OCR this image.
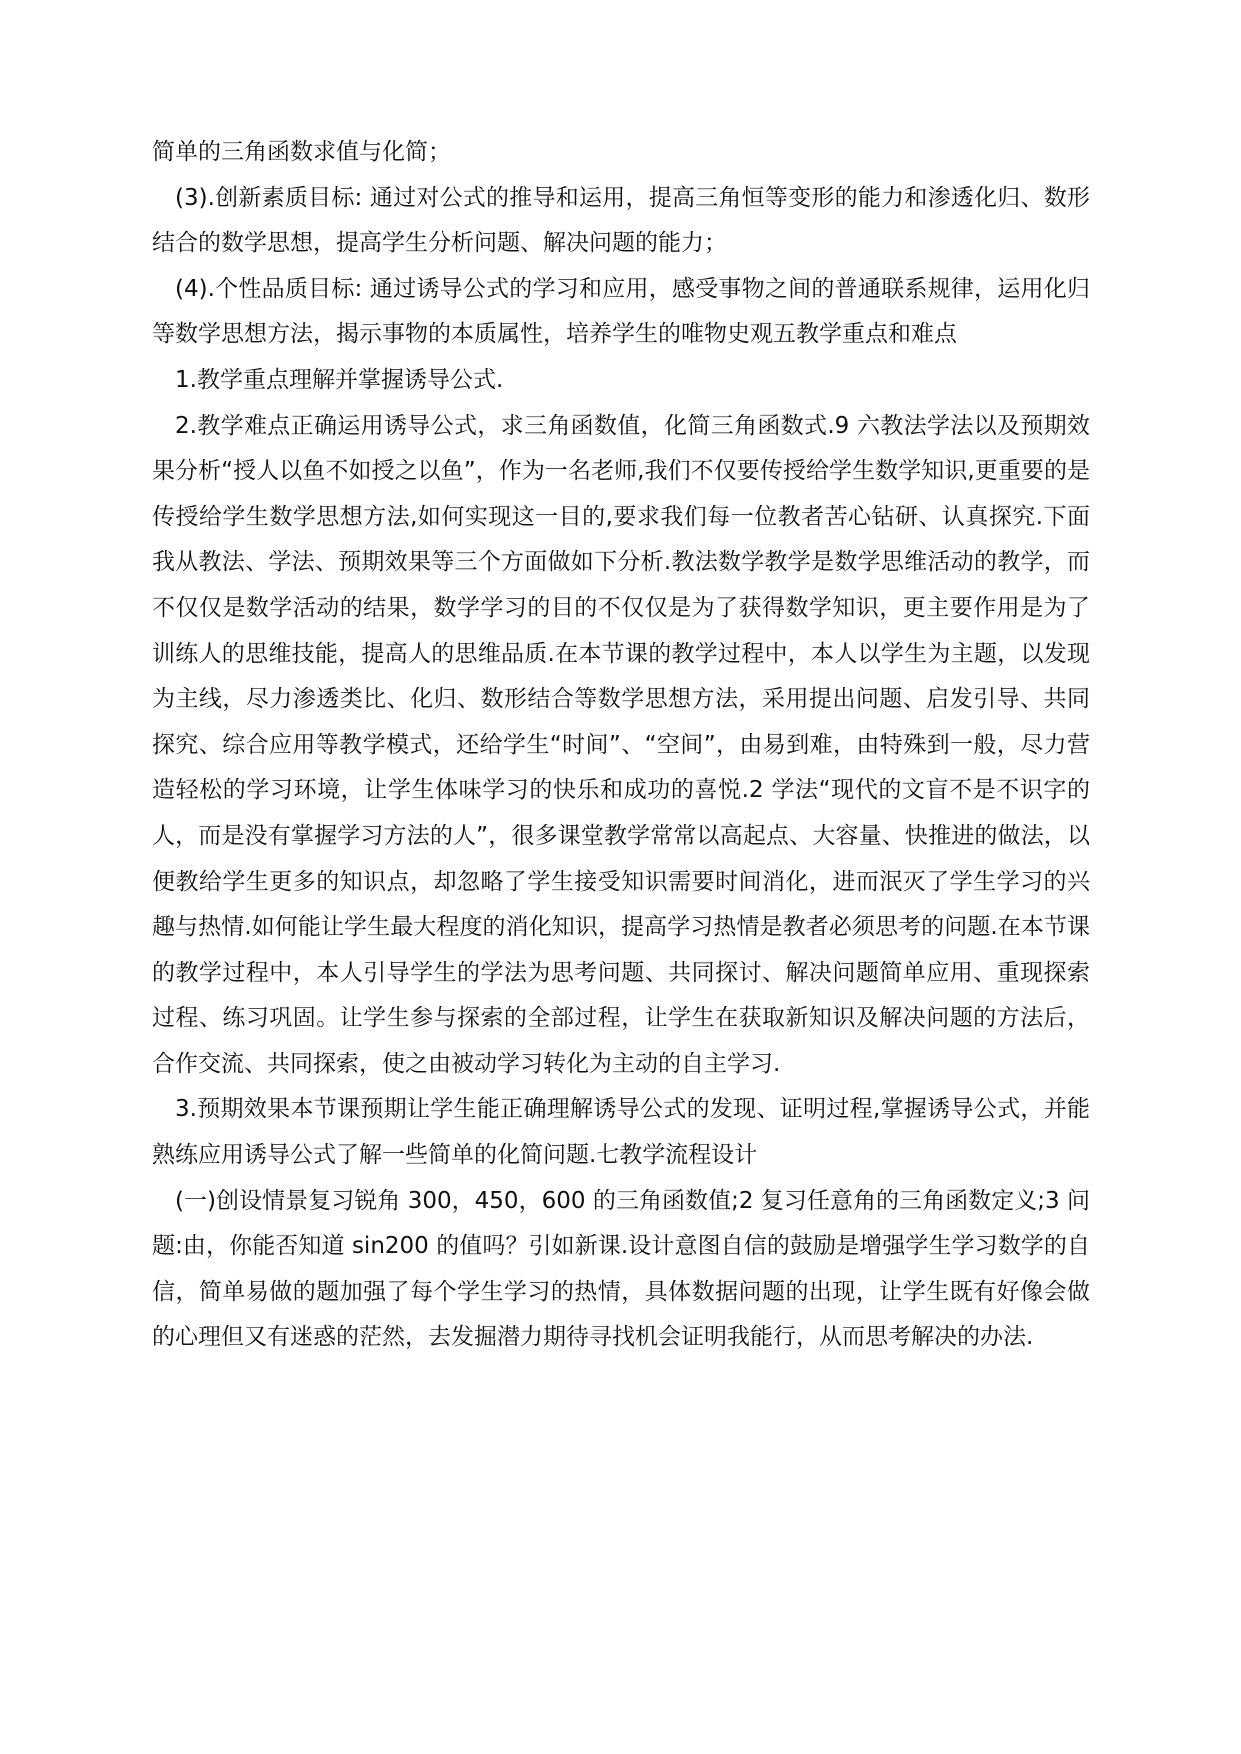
简单的三角函数求值与化简；

(3).创新素质目标: 通过对公式的推导和运用，提高三角恒等变形的能力和渗透化归、数形结合的数学思想，提高学生分析问题、解决问题的能力；

(4).个性品质目标: 通过诱导公式的学习和应用，感受事物之间的普通联系规律，运用化归等数学思想方法，揭示事物的本质属性，培养学生的唯物史观五教学重点和难点

1.教学重点理解并掌握诱导公式.

2.教学难点正确运用诱导公式，求三角函数值，化简三角函数式.9 六教法学法以及预期效果分析“授人以鱼不如授之以鱼”，作为一名老师,我们不仅要传授给学生数学知识,更重要的是传授给学生数学思想方法,如何实现这一目的,要求我们每一位教者苦心钻研、认真探究.下面我从教法、学法、预期效果等三个方面做如下分析.教法数学教学是数学思维活动的教学，而不仅仅是数学活动的结果，数学学习的目的不仅仅是为了获得数学知识，更主要作用是为了训练人的思维技能，提高人的思维品质.在本节课的教学过程中，本人以学生为主题，以发现为主线，尽力渗透类比、化归、数形结合等数学思想方法，采用提出问题、启发引导、共同探究、综合应用等教学模式，还给学生“时间”、“空间”，由易到难，由特殊到一般，尽力营造轻松的学习环境，让学生体味学习的快乐和成功的喜悦.2 学法“现代的文盲不是不识字的人，而是没有掌握学习方法的人”，很多课堂教学常常以高起点、大容量、快推进的做法，以便教给学生更多的知识点，却忽略了学生接受知识需要时间消化，进而泯灭了学生学习的兴趣与热情.如何能让学生最大程度的消化知识，提高学习热情是教者必须思考的问题.在本节课的教学过程中，本人引导学生的学法为思考问题、共同探讨、解决问题简单应用、重现探索过程、练习巩固。让学生参与探索的全部过程，让学生在获取新知识及解决问题的方法后，合作交流、共同探索，使之由被动学习转化为主动的自主学习.

3.预期效果本节课预期让学生能正确理解诱导公式的发现、证明过程,掌握诱导公式，并能熟练应用诱导公式了解一些简单的化简问题.七教学流程设计

(一)创设情景复习锐角 300，450，600 的三角函数值;2 复习任意角的三角函数定义;3 问题:由，你能否知道 sin200 的值吗？引如新课.设计意图自信的鼓励是增强学生学习数学的自信，简单易做的题加强了每个学生学习的热情，具体数据问题的出现，让学生既有好像会做的心理但又有迷惑的茫然，去发掘潜力期待寻找机会证明我能行，从而思考解决的办法.
